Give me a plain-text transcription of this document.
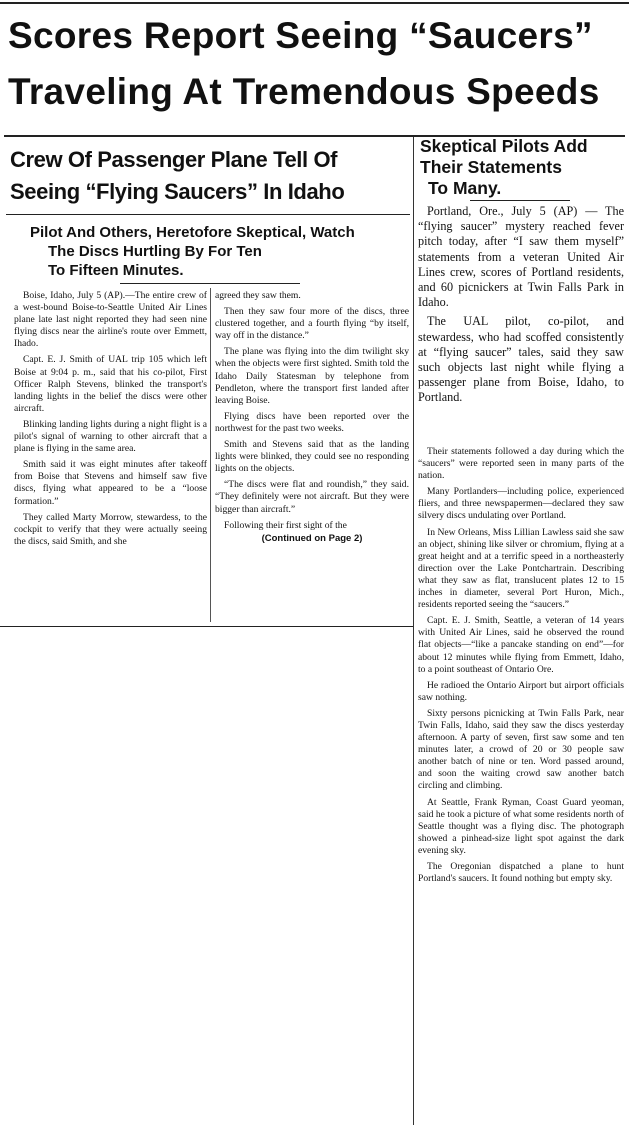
Scores Report Seeing “Saucers”
Traveling At Tremendous Speeds
Crew Of Passenger Plane Tell Of
Seeing “Flying Saucers” In Idaho
Pilot And Others, Heretofore Skeptical, Watch
The Discs Hurtling By For Ten
To Fifteen Minutes.

Boise, Idaho, July 5 (AP).—The entire crew of a west-bound Boise-to-Seattle United Air Lines plane late last night reported they had seen nine flying discs near the airline's route over Emmett, Ihado.

Capt. E. J. Smith of UAL trip 105 which left Boise at 9:04 p. m., said that his co-pilot, First Officer Ralph Stevens, blinked the transport's landing lights in the belief the discs were other aircraft.

Blinking landing lights during a night flight is a pilot's signal of warning to other aircraft that a plane is flying in the same area.

Smith said it was eight minutes after takeoff from Boise that Stevens and himself saw five discs, flying what appeared to be a “loose formation.”

They called Marty Morrow, stewardess, to the cockpit to verify that they were actually seeing the discs, said Smith, and she

agreed they saw them.

Then they saw four more of the discs, three clustered together, and a fourth flying “by itself, way off in the distance.”

The plane was flying into the dim twilight sky when the objects were first sighted. Smith told the Idaho Daily Statesman by telephone from Pendleton, where the transport first landed after leaving Boise.

Flying discs have been reported over the northwest for the past two weeks.

Smith and Stevens said that as the landing lights were blinked, they could see no responding lights on the objects.

“The discs were flat and roundish,” they said. “They definitely were not aircraft. But they were bigger than aircraft.”

Following their first sight of the

(Continued on Page 2)

Skeptical Pilots Add
Their Statements
To Many.

Portland, Ore., July 5 (AP) — The “flying saucer” mystery reached fever pitch today, after “I saw them myself” statements from a veteran United Air Lines crew, scores of Portland residents, and 60 picnickers at Twin Falls Park in Idaho.

The UAL pilot, co-pilot, and stewardess, who had scoffed consistently at “flying saucer” tales, said they saw such objects last night while flying a passenger plane from Boise, Idaho, to Portland.

Their statements followed a day during which the “saucers” were reported seen in many parts of the nation.

Many Portlanders—including police, experienced fliers, and three newspapermen—declared they saw silvery discs undulating over Portland.

In New Orleans, Miss Lillian Lawless said she saw an object, shining like silver or chromium, flying at a great height and at a terrific speed in a northeasterly direction over the Lake Pontchartrain. Describing what they saw as flat, translucent plates 12 to 15 inches in diameter, several Port Huron, Mich., residents reported seeing the “saucers.”

Capt. E. J. Smith, Seattle, a veteran of 14 years with United Air Lines, said he observed the round flat objects—“like a pancake standing on end”—for about 12 minutes while flying from Emmett, Idaho, to a point southeast of Ontario Ore.

He radioed the Ontario Airport but airport officials saw nothing.

Sixty persons picnicking at Twin Falls Park, near Twin Falls, Idaho, said they saw the discs yesterday afternoon. A party of seven, first saw some and ten minutes later, a crowd of 20 or 30 people saw another batch of nine or ten. Word passed around, and soon the waiting crowd saw another batch circling and climbing.

At Seattle, Frank Ryman, Coast Guard yeoman, said he took a picture of what some residents north of Seattle thought was a flying disc. The photograph showed a pinhead-size light spot against the dark evening sky.

The Oregonian dispatched a plane to hunt Portland's saucers. It found nothing but empty sky.
